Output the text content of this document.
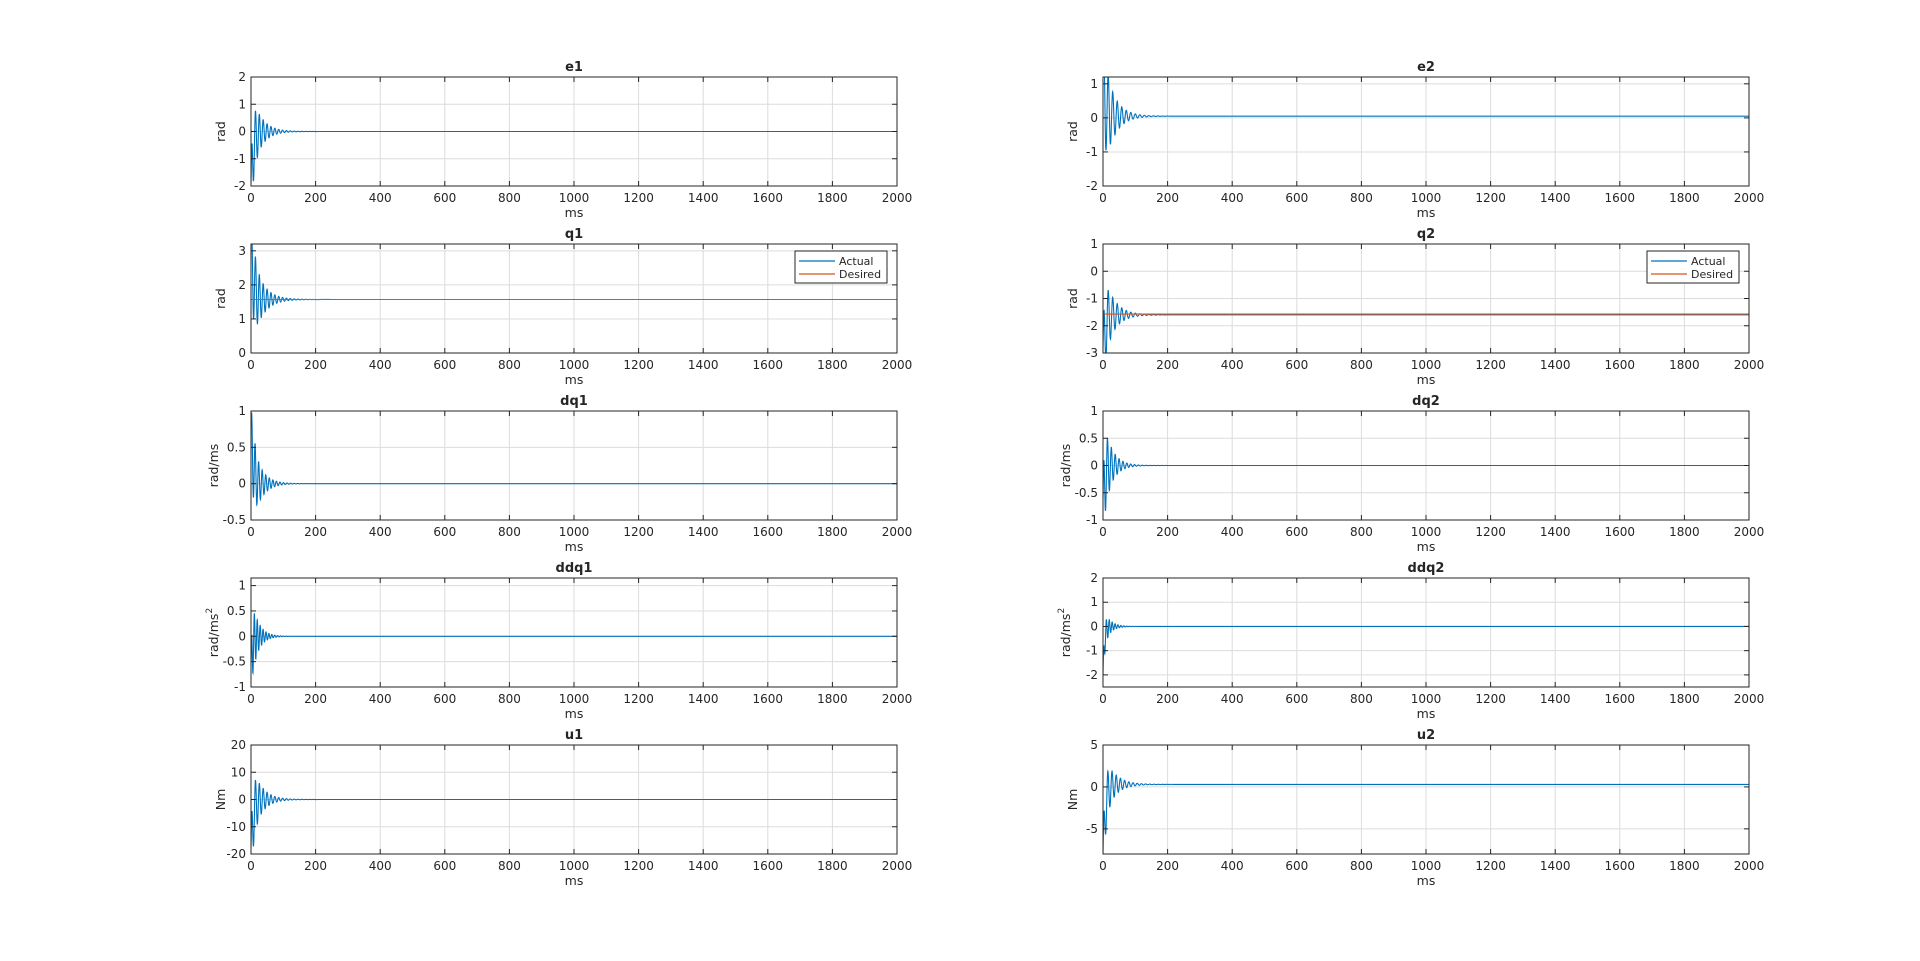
0	200	400	600	800	1000	1200	1400	1600	1800	2000
2
1
0
-1
-2
e1
ms
rad
0	200	400	600	800	1000	1200	1400	1600	1800	2000
1
0
-1
-2
e2
ms
rad
0	200	400	600	800	1000	1200	1400	1600	1800	2000
3
2
1
0
q1
ms
rad
Actual
Desired
0	200	400	600	800	1000	1200	1400	1600	1800	2000
1
0
-1
-2
-3
q2
ms
rad
Actual
Desired
0	200	400	600	800	1000	1200	1400	1600	1800	2000
1
0.5
0
-0.5
dq1
ms
rad/ms
0	200	400	600	800	1000	1200	1400	1600	1800	2000
1
0.5
0
-0.5
-1
dq2
ms
rad/ms
0	200	400	600	800	1000	1200	1400	1600	1800	2000
1
0.5
0
-0.5
-1
ddq1
ms
rad/$ms^2$
0	200	400	600	800	1000	1200	1400	1600	1800	2000
2
1
0
-1
-2
ddq2
ms
rad/$ms^2$
0	200	400	600	800	1000	1200	1400	1600	1800	2000
20
10
0
-10
-20
u1
ms
Nm
0	200	400	600	800	1000	1200	1400	1600	1800	2000
5
0
-5
u2
ms
Nm
